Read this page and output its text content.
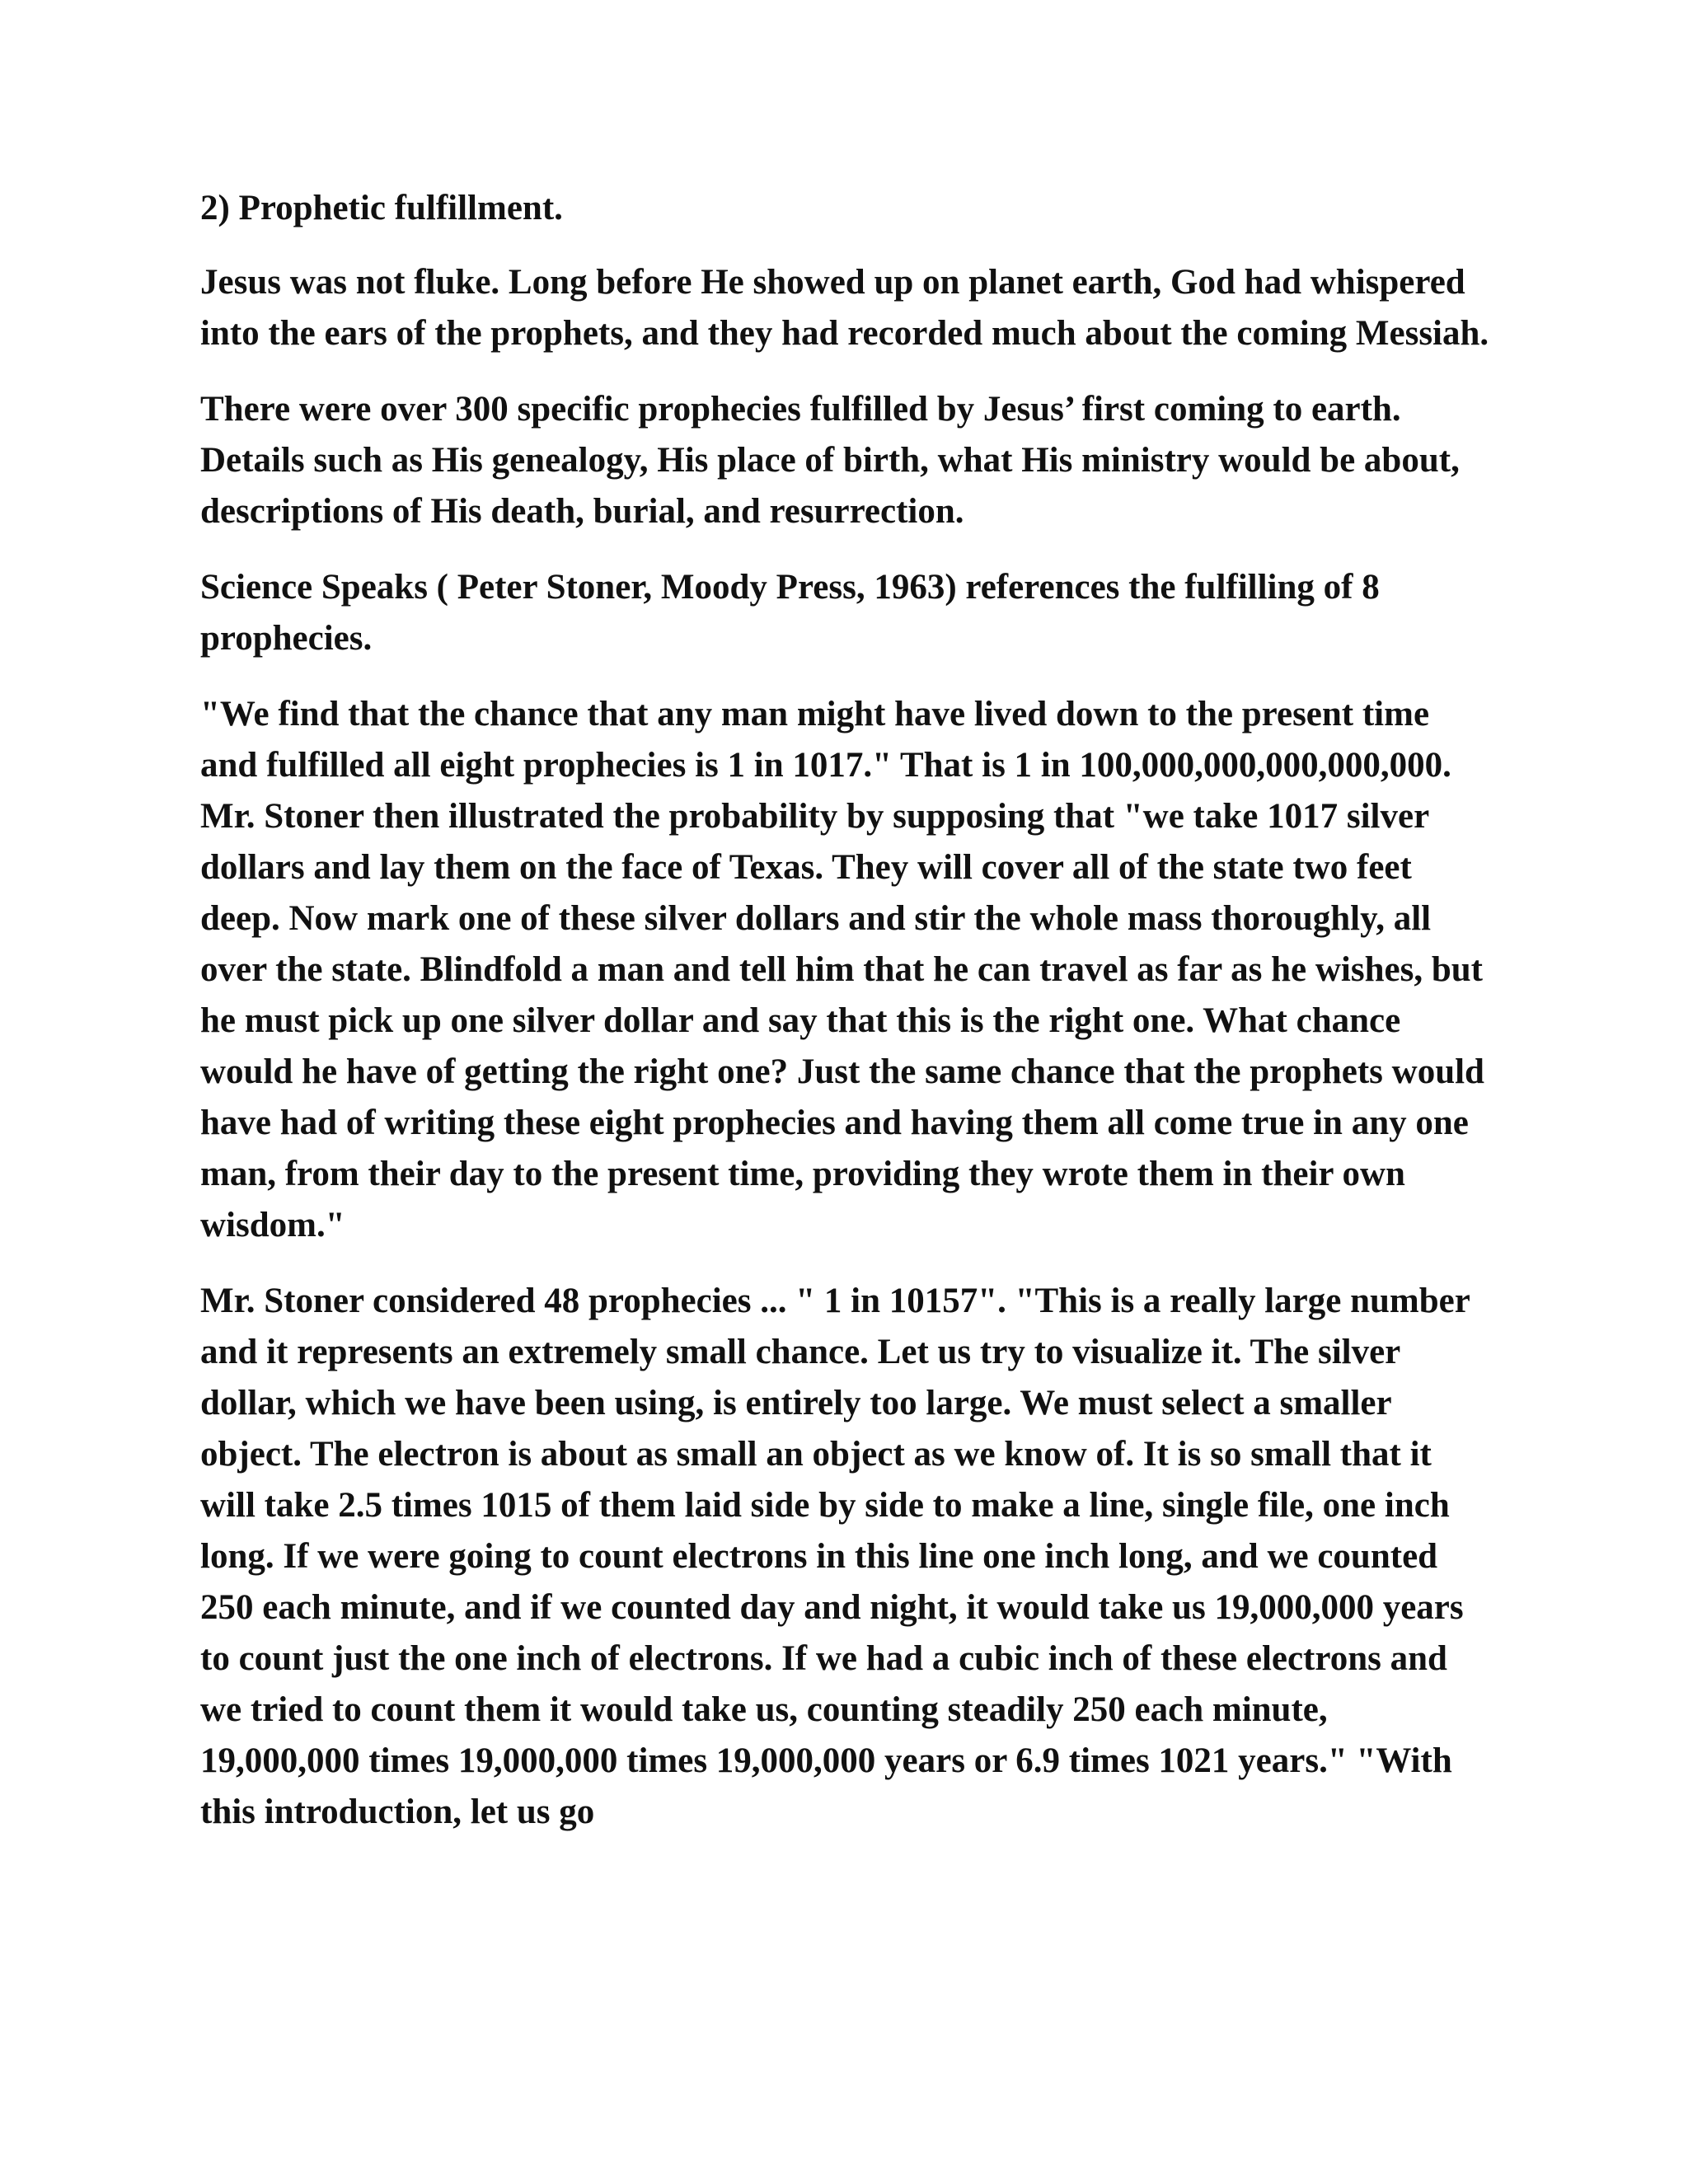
2) Prophetic fulfillment.

Jesus was not fluke. Long before He showed up on planet earth, God had whispered into the ears of the prophets, and they had recorded much about the coming Messiah.

There were over 300 specific prophecies fulfilled by Jesus’ first coming to earth. Details such as His genealogy, His place of birth, what His ministry would be about, descriptions of His death, burial, and resurrection.

Science Speaks ( Peter Stoner, Moody Press, 1963) references the fulfilling of 8 prophecies.

"We find that the chance that any man might have lived down to the present time and fulfilled all eight prophecies is 1 in 1017." That is 1 in 100,000,000,000,000,000. Mr. Stoner then illustrated the probability by supposing that "we take 1017 silver dollars and lay them on the face of Texas. They will cover all of the state two feet deep. Now mark one of these silver dollars and stir the whole mass thoroughly, all over the state. Blindfold a man and tell him that he can travel as far as he wishes, but he must pick up one silver dollar and say that this is the right one. What chance would he have of getting the right one? Just the same chance that the prophets would have had of writing these eight prophecies and having them all come true in any one man, from their day to the present time, providing they wrote them in their own wisdom."

Mr. Stoner considered 48 prophecies ... " 1 in 10157". "This is a really large number and it represents an extremely small chance. Let us try to visualize it. The silver dollar, which we have been using, is entirely too large. We must select a smaller object. The electron is about as small an object as we know of. It is so small that it will take 2.5 times 1015 of them laid side by side to make a line, single file, one inch long. If we were going to count electrons in this line one inch long, and we counted 250 each minute, and if we counted day and night, it would take us 19,000,000 years to count just the one inch of electrons. If we had a cubic inch of these electrons and we tried to count them it would take us, counting steadily 250 each minute, 19,000,000 times 19,000,000 times 19,000,000 years or 6.9 times 1021 years." "With this introduction, let us go
